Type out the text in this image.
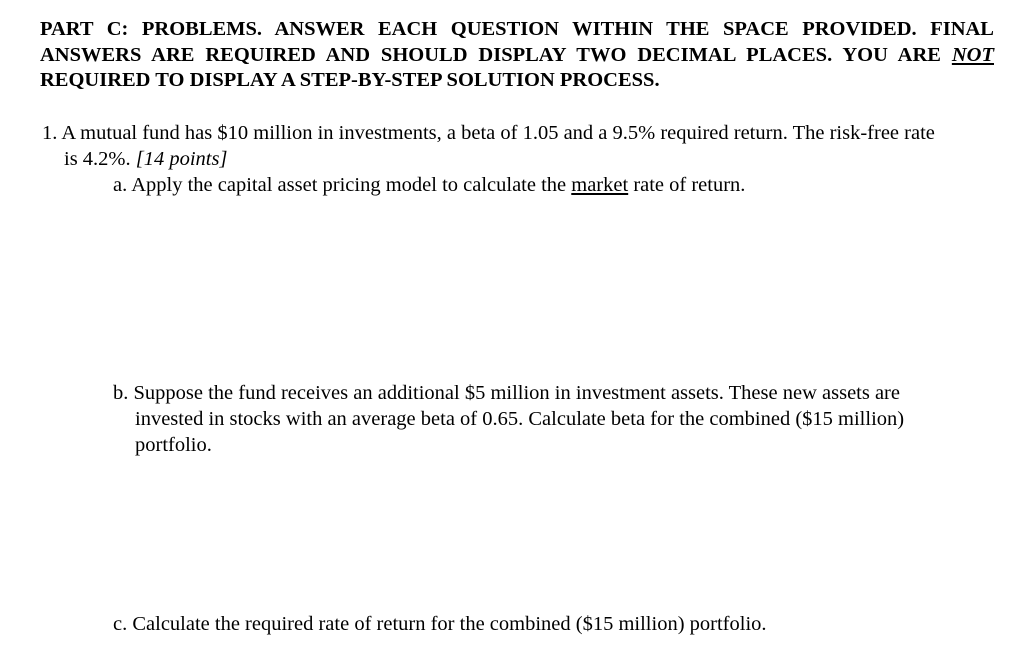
PART C: PROBLEMS. ANSWER EACH QUESTION WITHIN THE SPACE PROVIDED. FINAL ANSWERS ARE REQUIRED AND SHOULD DISPLAY TWO DECIMAL PLACES. YOU ARE NOT REQUIRED TO DISPLAY A STEP-BY-STEP SOLUTION PROCESS.
1. A mutual fund has $10 million in investments, a beta of 1.05 and a 9.5% required return. The risk-free rate
is 4.2%. [14 points]
a. Apply the capital asset pricing model to calculate the market rate of return.
b. Suppose the fund receives an additional $5 million in investment assets. These new assets are
invested in stocks with an average beta of 0.65. Calculate beta for the combined ($15 million)
portfolio.
c. Calculate the required rate of return for the combined ($15 million) portfolio.
